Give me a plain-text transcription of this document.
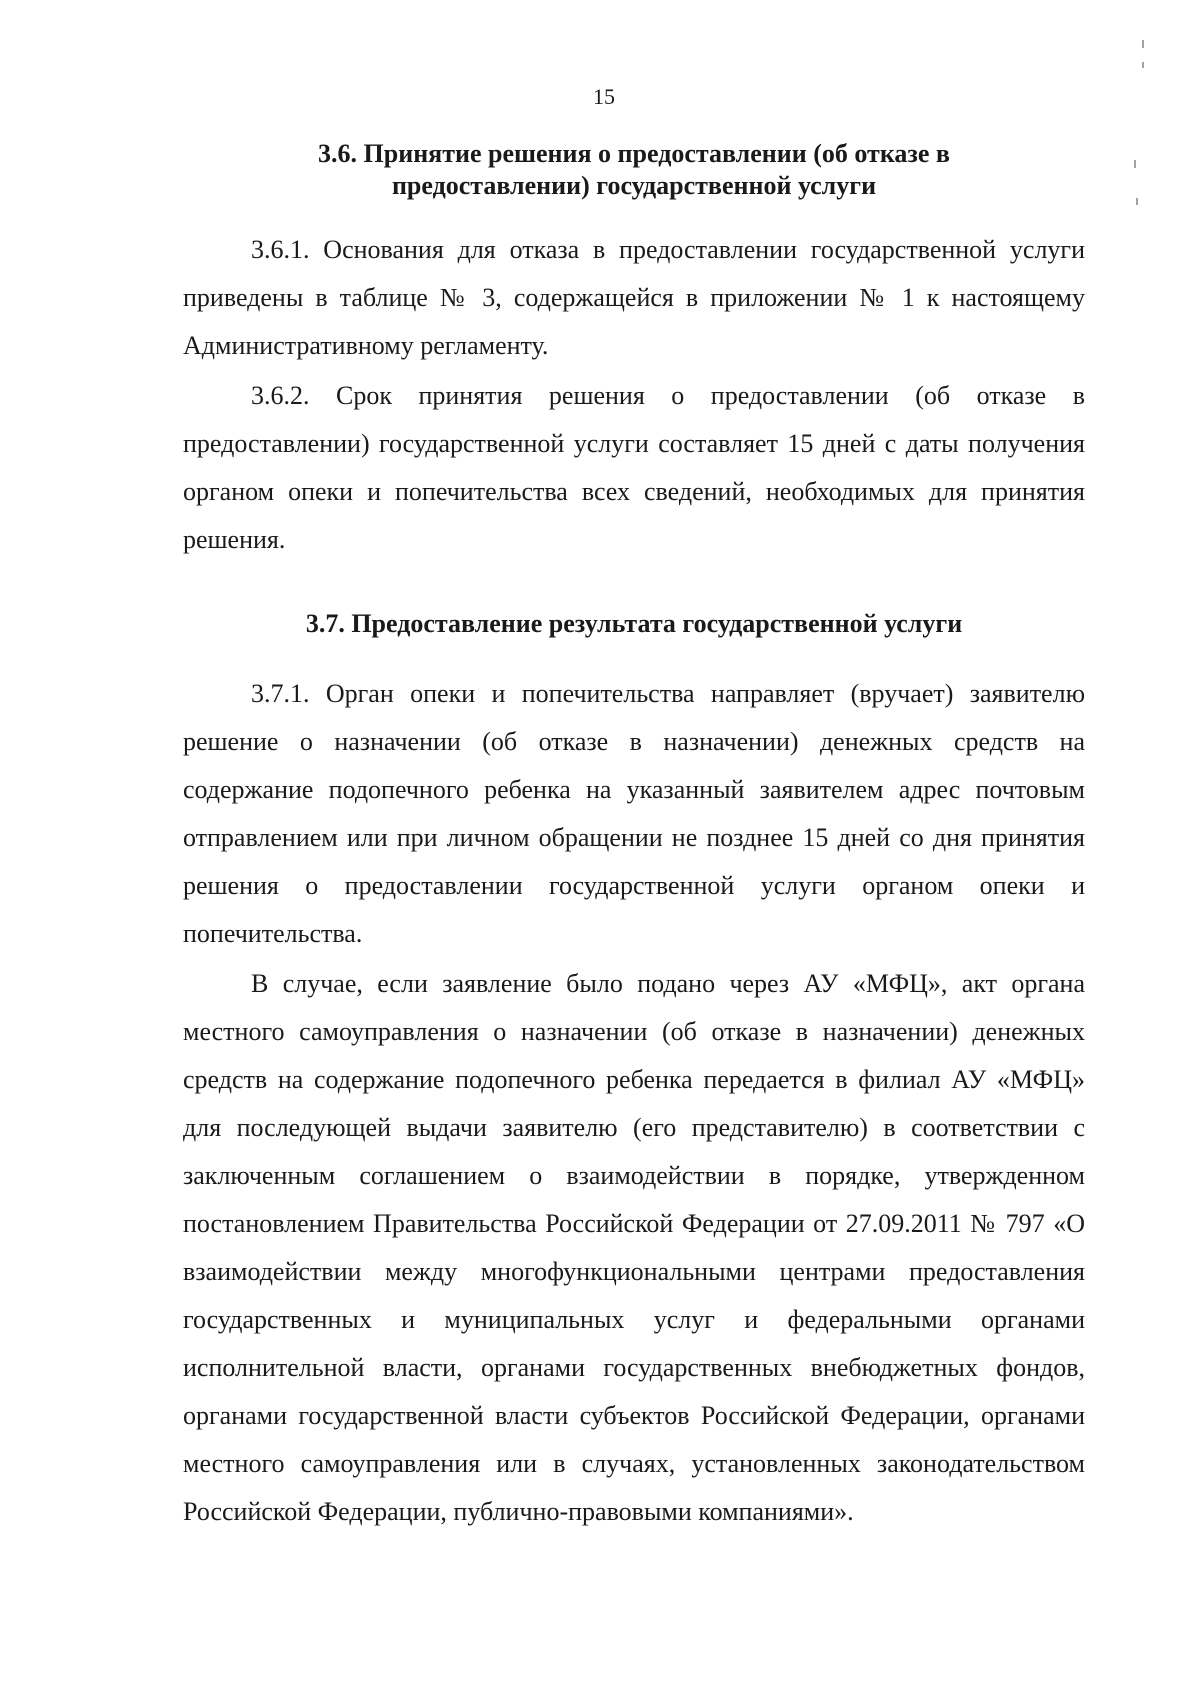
15
3.6. Принятие решения о предоставлении (об отказе в
предоставлении) государственной услуги

3.6.1. Основания для отказа в предоставлении государственной услуги приведены в таблице № 3, содержащейся в приложении № 1 к настоящему Административному регламенту.

3.6.2. Срок принятия решения о предоставлении (об отказе в предоставлении) государственной услуги составляет 15 дней с даты получения органом опеки и попечительства всех сведений, необходимых для принятия решения.

3.7. Предоставление результата государственной услуги

3.7.1. Орган опеки и попечительства направляет (вручает) заявителю решение о назначении (об отказе в назначении) денежных средств на содержание подопечного ребенка на указанный заявителем адрес почтовым отправлением или при личном обращении не позднее 15 дней со дня принятия решения о предоставлении государственной услуги органом опеки и попечительства.

В случае, если заявление было подано через АУ «МФЦ», акт органа местного самоуправления о назначении (об отказе в назначении) денежных средств на содержание подопечного ребенка передается в филиал АУ «МФЦ» для последующей выдачи заявителю (его представителю) в соответствии с заключенным соглашением о взаимодействии в порядке, утвержденном постановлением Правительства Российской Федерации от 27.09.2011 № 797 «О взаимодействии между многофункциональными центрами предоставления государственных и муниципальных услуг и федеральными органами исполнительной власти, органами государственных внебюджетных фондов, органами государственной власти субъектов Российской Федерации, органами местного самоуправления или в случаях, установленных законодательством Российской Федерации, публично-правовыми компаниями».
